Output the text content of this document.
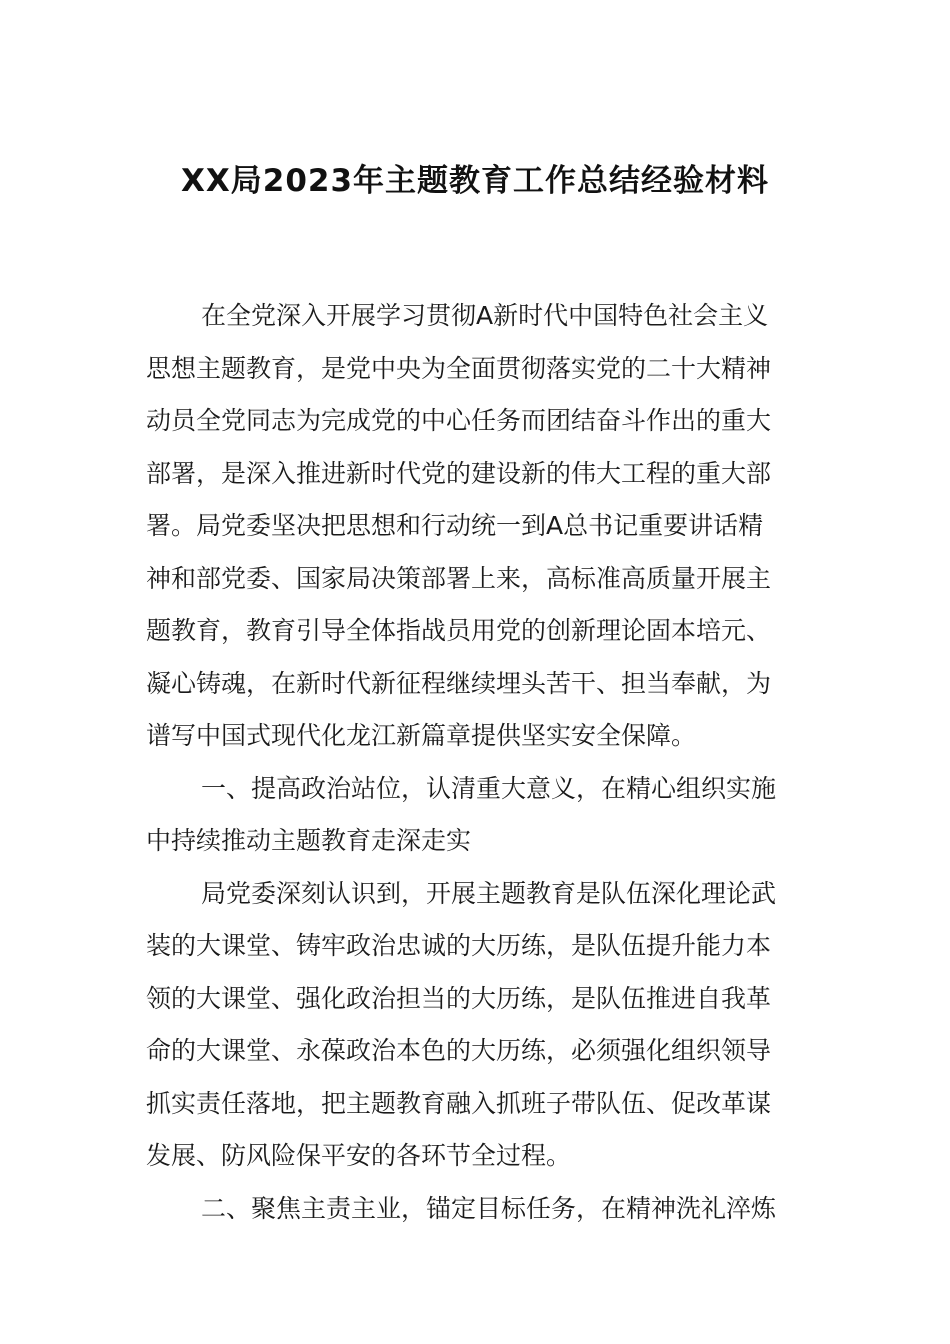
XX局2023年主题教育工作总结经验材料
在全党深入开展学习贯彻A新时代中国特色社会主义
思想主题教育，是党中央为全面贯彻落实党的二十大精神
动员全党同志为完成党的中心任务而团结奋斗作出的重大
部署，是深入推进新时代党的建设新的伟大工程的重大部
署。局党委坚决把思想和行动统一到A总书记重要讲话精
神和部党委、国家局决策部署上来，高标准高质量开展主
题教育，教育引导全体指战员用党的创新理论固本培元、
凝心铸魂，在新时代新征程继续埋头苦干、担当奉献，为
谱写中国式现代化龙江新篇章提供坚实安全保障。
一、提高政治站位，认清重大意义，在精心组织实施
中持续推动主题教育走深走实
局党委深刻认识到，开展主题教育是队伍深化理论武
装的大课堂、铸牢政治忠诚的大历练，是队伍提升能力本
领的大课堂、强化政治担当的大历练，是队伍推进自我革
命的大课堂、永葆政治本色的大历练，必须强化组织领导
抓实责任落地，把主题教育融入抓班子带队伍、促改革谋
发展、防风险保平安的各环节全过程。
二、聚焦主责主业，锚定目标任务，在精神洗礼淬炼
